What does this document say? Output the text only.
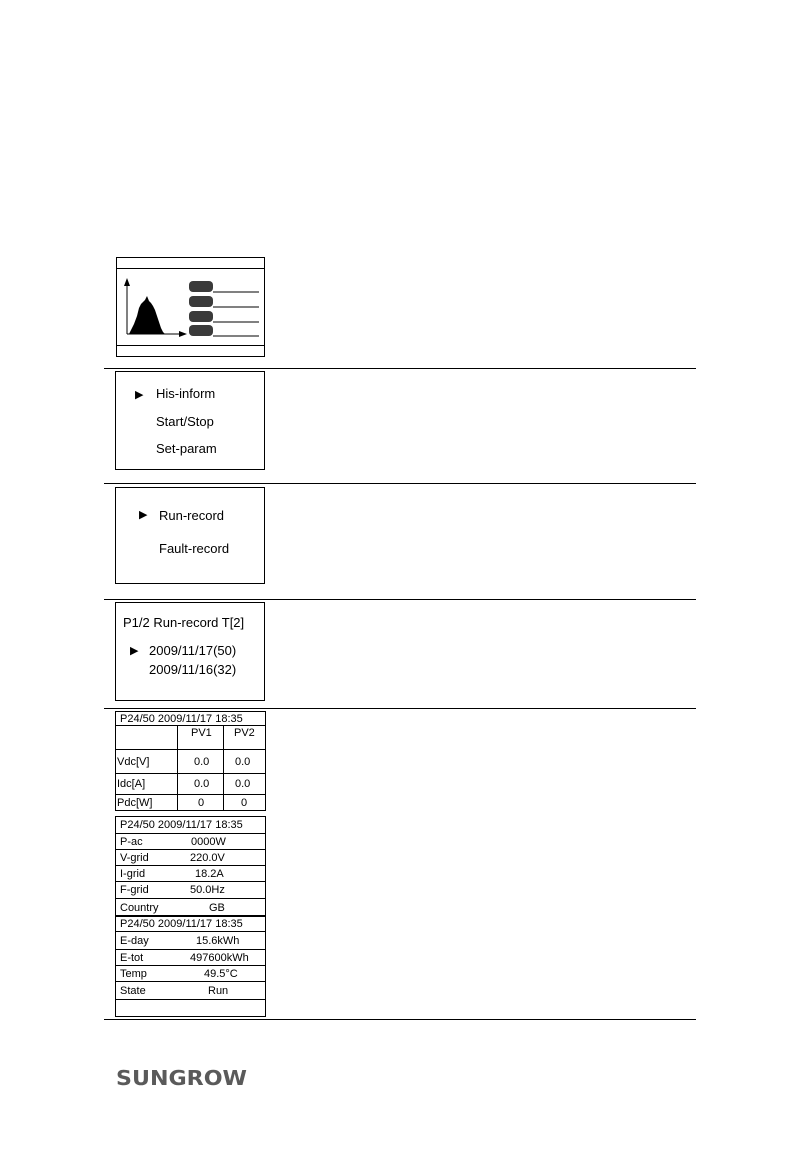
▶ His-inform
Start/Stop
Set-param
▶ Run-record
Fault-record
P1/2 Run-record T[2]
▶ 2009/11/17(50)
2009/11/16(32)
P24/50 2009/11/17 18:35
PV1 PV2
Vdc[V]	0.0 0.0
Idc[A]	0.0 0.0
Pdc[W]	0	0
P24/50 2009/11/17 18:35
P-ac	0000W
V-grid	220.0V
I-grid	18.2A
F-grid	50.0Hz
Country	GB
P24/50 2009/11/17 18:35
E-day	15.6kWh
E-tot	497600kWh
Temp	49.5°C
State	Run
SUNGROW
